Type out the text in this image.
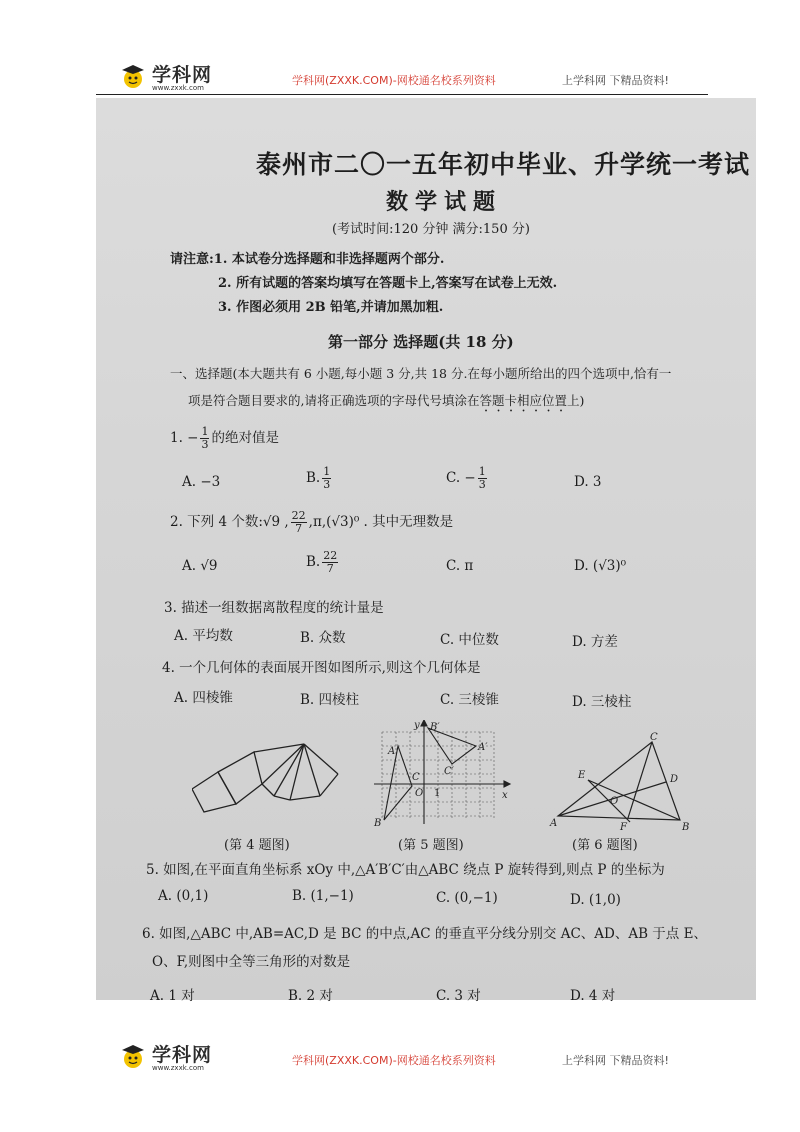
学科网
www.zxxk.com
学科网(ZXXK.COM)-网校通名校系列资料	上学科网 下精品资料!
泰州市二〇一五年初中毕业、升学统一考试
数学试题
(考试时间:120 分钟 满分:150 分)
请注意:1. 本试卷分选择题和非选择题两个部分.
2. 所有试题的答案均填写在答题卡上,答案写在试卷上无效.
3. 作图必须用 2B 铅笔,并请加黑加粗.
第一部分 选择题(共 18 分)
一、选择题(本大题共有 6 小题,每小题 3 分,共 18 分.在每小题所给出的四个选项中,恰有一
项是符合题目要求的,请将正确选项的字母代号填涂在答题卡相应位置上)
1. − $\frac{1}{3}$ 的绝对值是
A. −3	B. $\frac{1}{3}$	C. − $\frac{1}{3}$	D. 3
2. 下列 4 个数:√9 , $\frac{22}{7} ,\pi,(√3)^0$ . 其中无理数是
A. √9	B. $\frac{22}{7}$	C. π	D. (√3)⁰
3. 描述一组数据离散程度的统计量是
A. 平均数	B. 众数	C. 中位数	D. 方差
4. 一个几何体的表面展开图如图所示,则这个几何体是
A. 四棱锥	B. 四棱柱	C. 三棱锥	D. 三棱柱
(第 4 题图)
y
x
O 1
A
B
C
A′
B′
C′
(第 5 题图)
A	B
C
D
E
F
O
(第 6 题图)
5. 如图,在平面直角坐标系 xOy 中,△A′B′C′由△ABC 绕点 P 旋转得到,则点 P 的坐标为
A. (0,1)	B. (1,−1)	C. (0,−1)	D. (1,0)
6. 如图,△ABC 中,AB=AC,D 是 BC 的中点,AC 的垂直平分线分别交 AC、AD、AB 于点 E、
O、F,则图中全等三角形的对数是
A. 1 对	B. 2 对	C. 3 对	D. 4 对
学科网
www.zxxk.com
学科网(ZXXK.COM)-网校通名校系列资料	上学科网 下精品资料!
